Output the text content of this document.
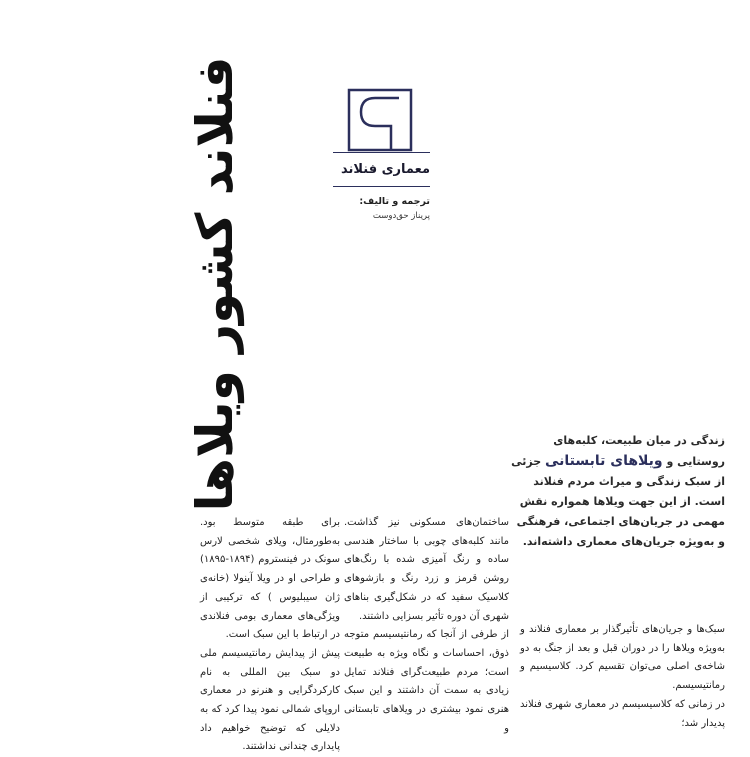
فنلاند کشور ویلاها	معماری فنلاند
ترجمه و تالیف:
پریناز حق‌دوست
زندگی در میان طبیعت، کلبه‌های روستایی و ویلاهای تابستانی جزئی از سبک زندگی و میراث مردم فنلاند است. از این جهت ویلاها همواره نقش مهمی در جریان‌های اجتماعی، فرهنگی و به‌ویژه جریان‌های معماری داشته‌اند.

سبک‌ها و جریان‌های تأثیرگذار بر معماری فنلاند و به‌ویژه ویلاها را در دوران قبل و بعد از جنگ به دو شاخه‌ی اصلی می‌توان تقسیم کرد. کلاسیسیم و رمانتیسیسم.

در زمانی که کلاسیسیسم در معماری شهری فنلاند پدیدار شد؛

ساختمان‌های مسکونی نیز گذاشت. مانند کلبه‌های چوبی با ساختار هندسی ساده و رنگ آمیزی شده با رنگ‌های روشن قرمز و زرد رنگ و بازشوهای کلاسیک سفید که در شکل‌گیری بناهای شهری آن دوره تأثیر بسزایی داشتند.

از طرفی از آنجا که رمانتیسیسم متوجه ذوق، احساسات و نگاه ویژه به طبیعت است؛ مردم طبیعت‌گرای فنلاند تمایل زیادی به سمت آن داشتند و این سبک هنری نمود بیشتری در ویلاهای تابستانی و

برای طبقه متوسط بود. به‌طورمثال، ویلای شخصی لارس سونک در فینستروم (۱۸۹۴-۱۸۹۵) و طراحی او در ویلا آینولا (خانه‌ی ژان سیبلیوس ) که ترکیبی از ویژگی‌های معماری بومی فنلاندی در ارتباط با این سبک است.

پیش از پیدایش رمانتیسیسم ملی دو سبک بین المللی به نام کارکردگرایی و هنرنو در معماری اروپای شمالی نمود پیدا کرد که به دلایلی که توضیح خواهیم داد پایداری چندانی نداشتند.
